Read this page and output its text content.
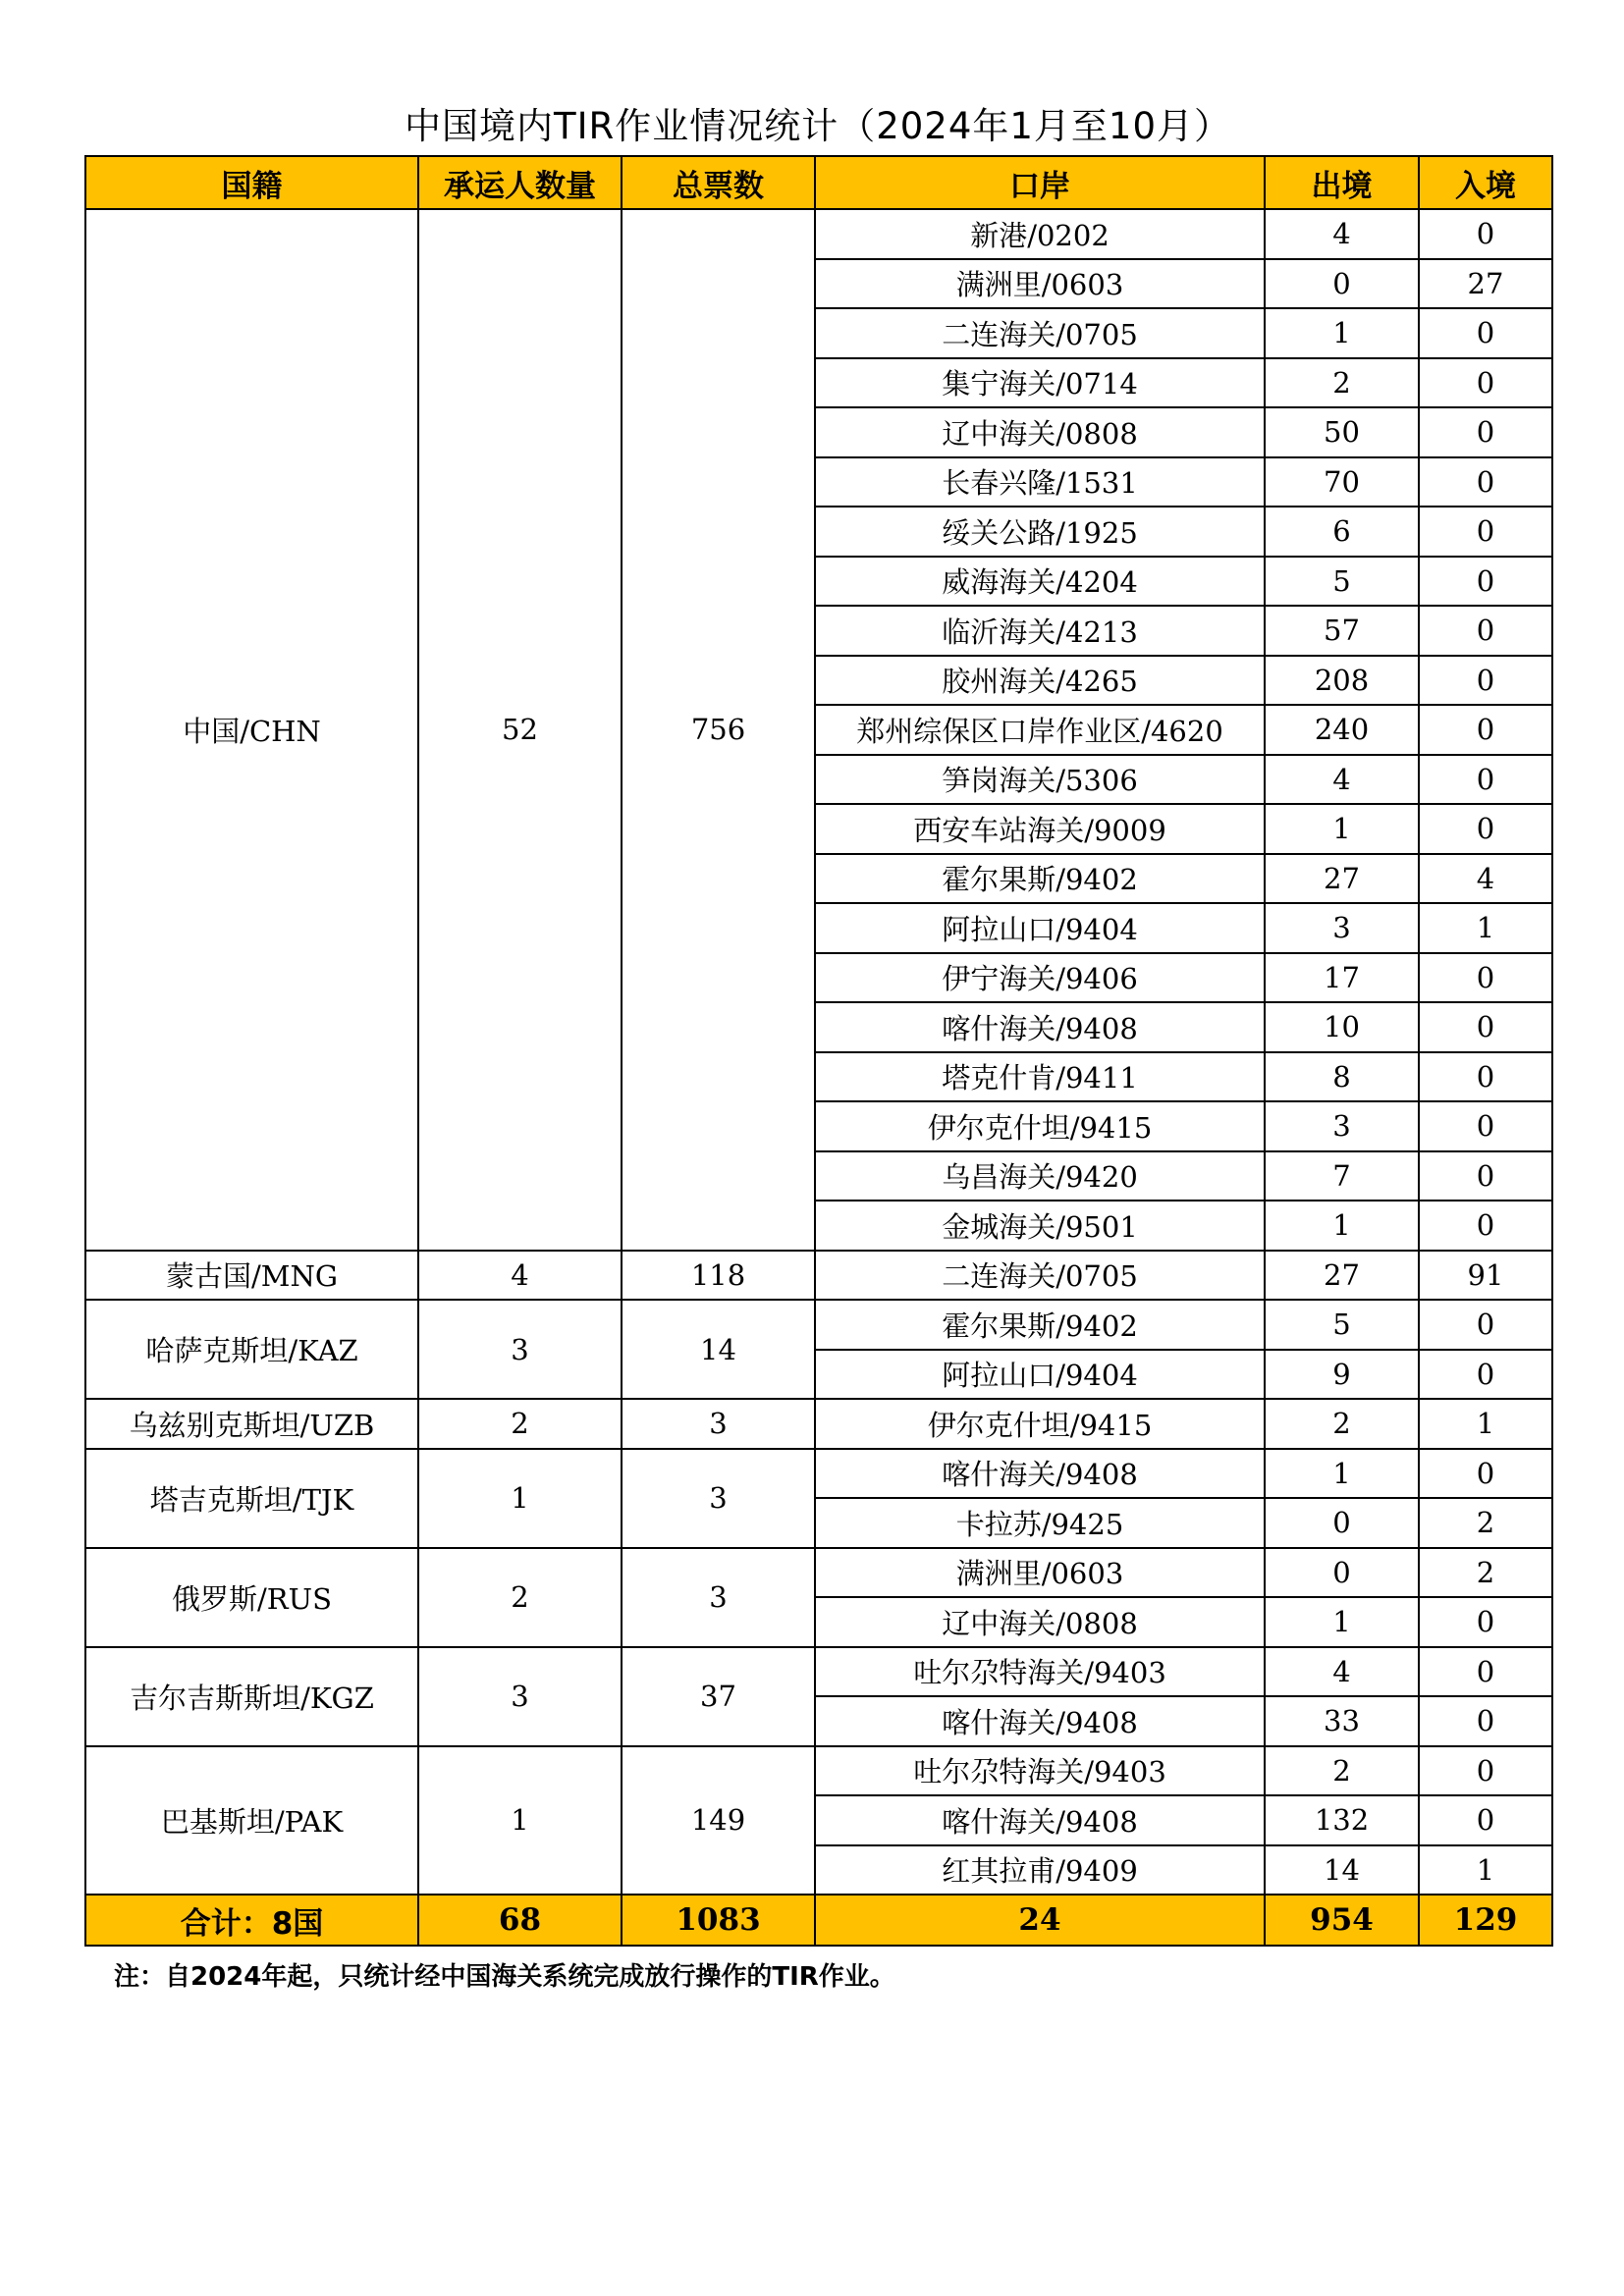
中国境内TIR作业情况统计（2024年1月至10月）
国籍	承运人数量	总票数	口岸	出境	入境
中国/CHN	52	756	新港/0202	4	0
			满洲里/0603	0	27
			二连海关/0705	1	0
			集宁海关/0714	2	0
			辽中海关/0808	50	0
			长春兴隆/1531	70	0
			绥关公路/1925	6	0
			威海海关/4204	5	0
			临沂海关/4213	57	0
			胶州海关/4265	208	0
			郑州综保区口岸作业区/4620	240	0
			笋岗海关/5306	4	0
			西安车站海关/9009	1	0
			霍尔果斯/9402	27	4
			阿拉山口/9404	3	1
			伊宁海关/9406	17	0
			喀什海关/9408	10	0
			塔克什肯/9411	8	0
			伊尔克什坦/9415	3	0
			乌昌海关/9420	7	0
			金城海关/9501	1	0
蒙古国/MNG	4	118	二连海关/0705	27	91
哈萨克斯坦/KAZ	3	14	霍尔果斯/9402	5	0
			阿拉山口/9404	9	0
乌兹别克斯坦/UZB	2	3	伊尔克什坦/9415	2	1
塔吉克斯坦/TJK	1	3	喀什海关/9408	1	0
			卡拉苏/9425	0	2
俄罗斯/RUS	2	3	满洲里/0603	0	2
			辽中海关/0808	1	0
吉尔吉斯斯坦/KGZ	3	37	吐尔尕特海关/9403	4	0
			喀什海关/9408	33	0
巴基斯坦/PAK	1	149	吐尔尕特海关/9403	2	0
			喀什海关/9408	132	0
			红其拉甫/9409	14	1
合计：8国	68	1083	24	954	129
注：自2024年起，只统计经中国海关系统完成放行操作的TIR作业。
